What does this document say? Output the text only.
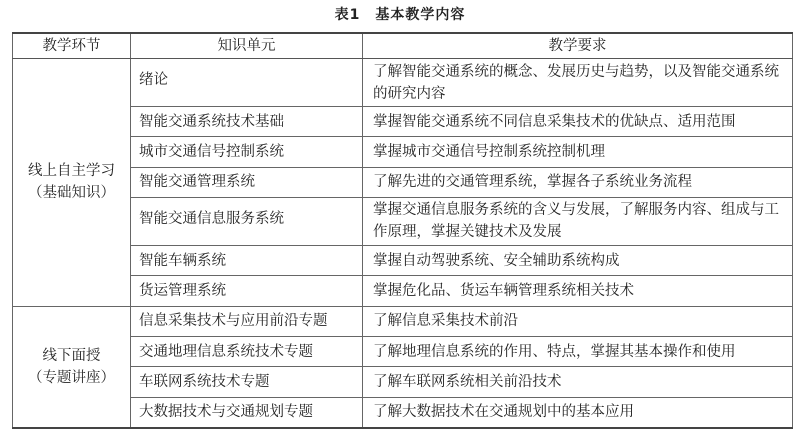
表1　基本教学内容
教学环节	知识单元	教学要求

线上自主学习
（基础知识）	绪论	了解智能交通系统的概念、发展历史与趋势，以及智能交通系统的研究内容
	智能交通系统技术基础	掌握智能交通系统不同信息采集技术的优缺点、适用范围
	城市交通信号控制系统	掌握城市交通信号控制系统控制机理
	智能交通管理系统	了解先进的交通管理系统，掌握各子系统业务流程
	智能交通信息服务系统	掌握交通信息服务系统的含义与发展，了解服务内容、组成与工作原理，掌握关键技术及发展
	智能车辆系统	掌握自动驾驶系统、安全辅助系统构成
	货运管理系统	掌握危化品、货运车辆管理系统相关技术

线下面授
（专题讲座）	信息采集技术与应用前沿专题	了解信息采集技术前沿
	交通地理信息系统技术专题	了解地理信息系统的作用、特点，掌握其基本操作和使用
	车联网系统技术专题	了解车联网系统相关前沿技术
	大数据技术与交通规划专题	了解大数据技术在交通规划中的基本应用
